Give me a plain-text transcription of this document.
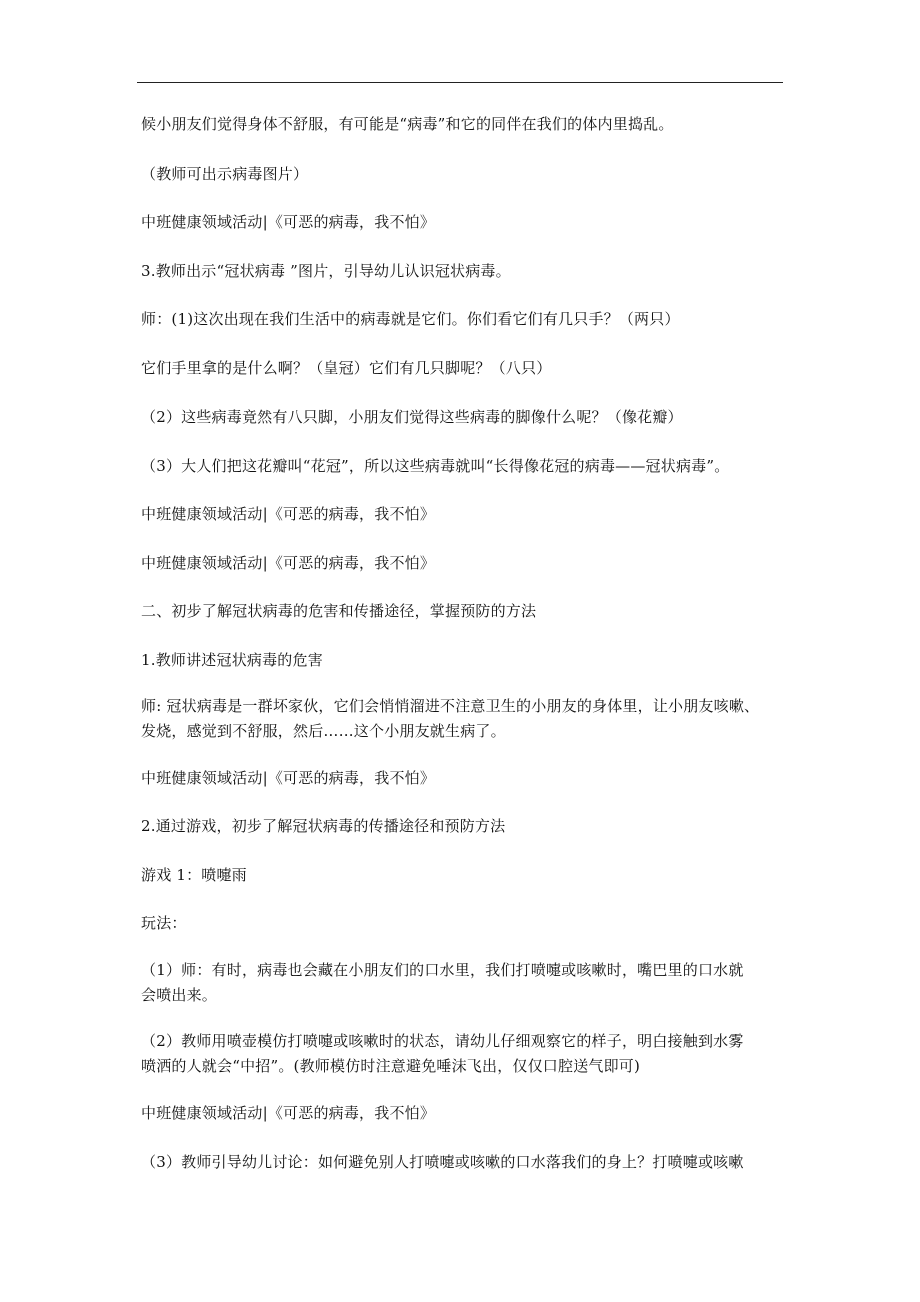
候小朋友们觉得身体不舒服，有可能是“病毒”和它的同伴在我们的体内里捣乱。
（教师可出示病毒图片）
中班健康领域活动|《可恶的病毒，我不怕》
3.教师出示“冠状病毒 ”图片，引导幼儿认识冠状病毒。
师：(1)这次出现在我们生活中的病毒就是它们。你们看它们有几只手？（两只）
它们手里拿的是什么啊？（皇冠）它们有几只脚呢？（八只）
（2）这些病毒竟然有八只脚，小朋友们觉得这些病毒的脚像什么呢？（像花瓣）
（3）大人们把这花瓣叫“花冠”，所以这些病毒就叫“长得像花冠的病毒——冠状病毒”。
中班健康领域活动|《可恶的病毒，我不怕》
中班健康领域活动|《可恶的病毒，我不怕》
二、初步了解冠状病毒的危害和传播途径，掌握预防的方法
1.教师讲述冠状病毒的危害
师: 冠状病毒是一群坏家伙，它们会悄悄溜进不注意卫生的小朋友的身体里，让小朋友咳嗽、
发烧，感觉到不舒服，然后……这个小朋友就生病了。
中班健康领域活动|《可恶的病毒，我不怕》
2.通过游戏，初步了解冠状病毒的传播途径和预防方法
游戏 1：喷嚏雨
玩法：
（1）师：有时，病毒也会藏在小朋友们的口水里，我们打喷嚏或咳嗽时，嘴巴里的口水就
会喷出来。
（2）教师用喷壶模仿打喷嚏或咳嗽时的状态，请幼儿仔细观察它的样子，明白接触到水雾
喷洒的人就会“中招”。(教师模仿时注意避免唾沫飞出，仅仅口腔送气即可)
中班健康领域活动|《可恶的病毒，我不怕》
（3）教师引导幼儿讨论：如何避免别人打喷嚏或咳嗽的口水落我们的身上？打喷嚏或咳嗽
